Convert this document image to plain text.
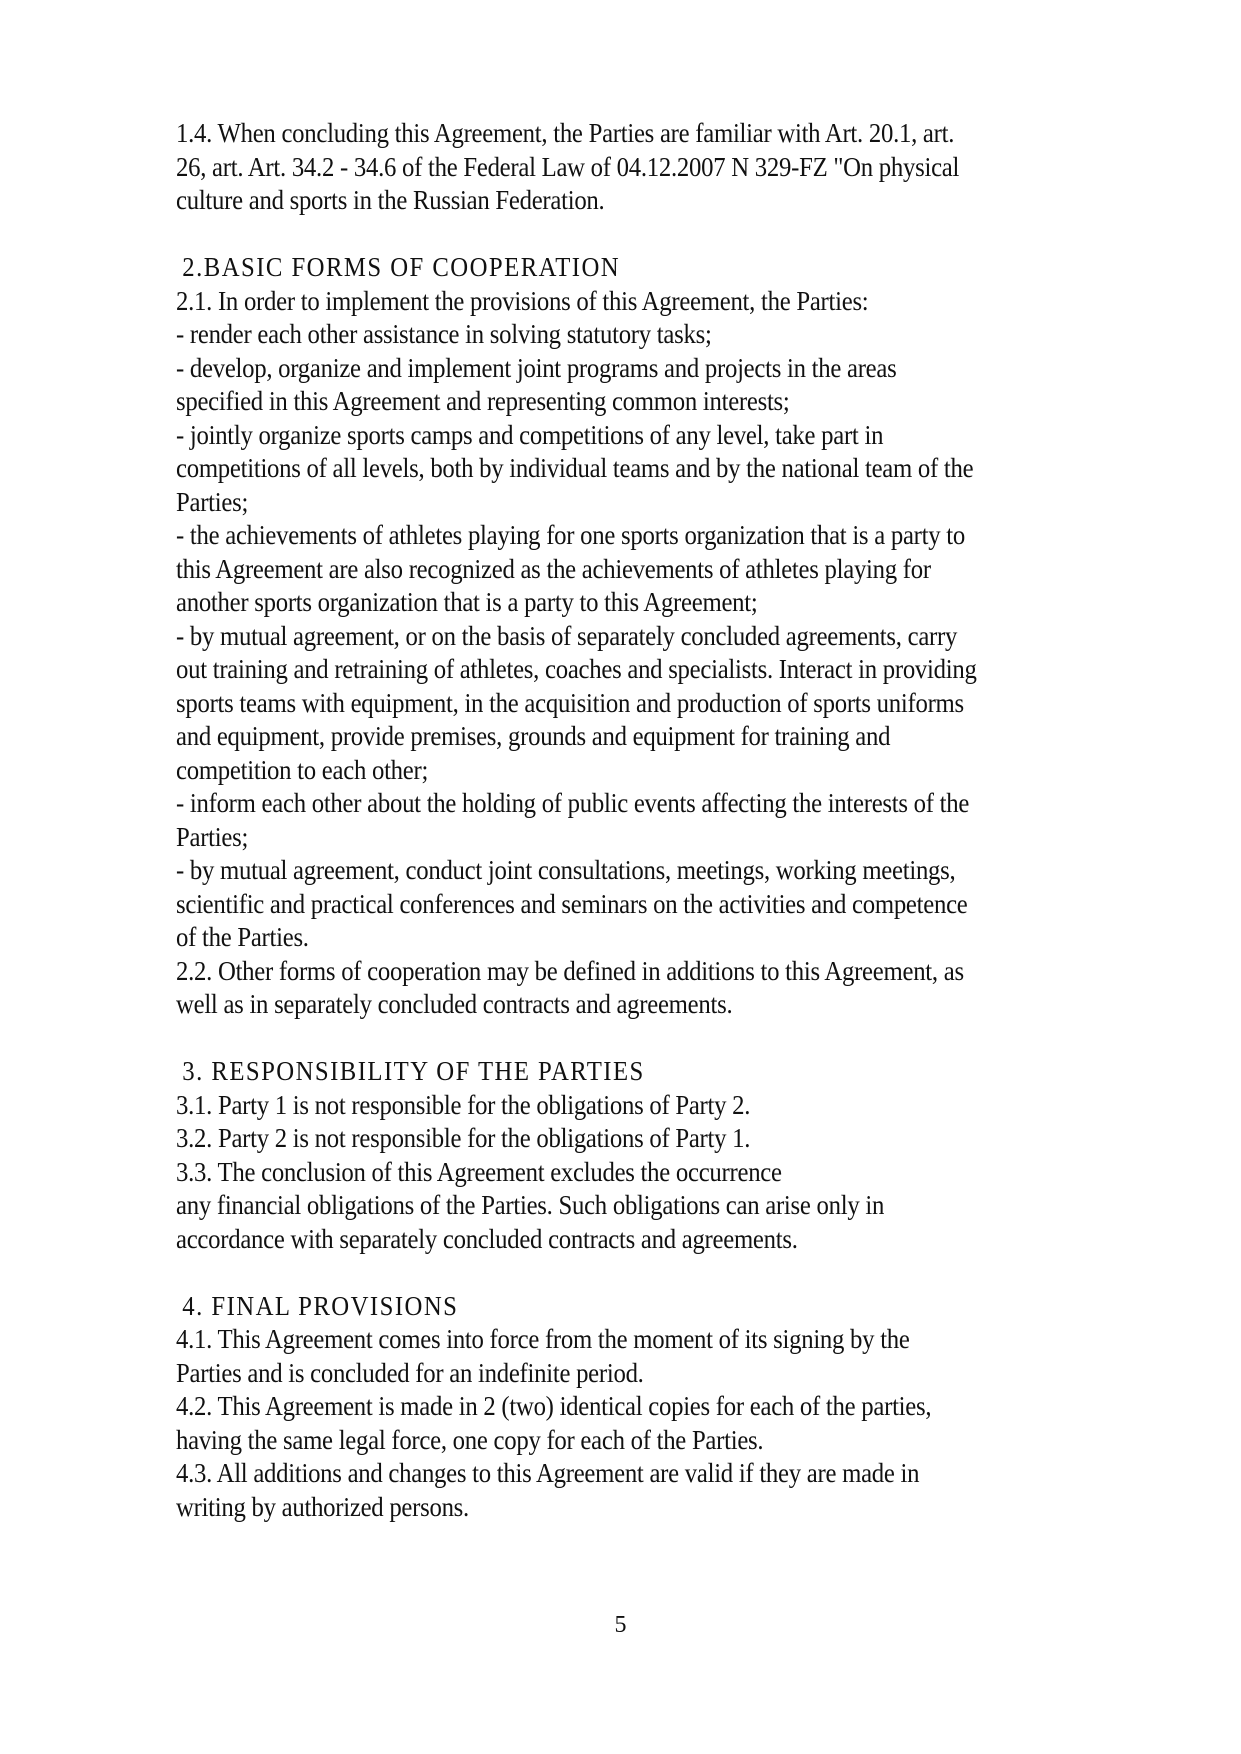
1.4. When concluding this Agreement, the Parties are familiar with Art. 20.1, art.
26, art. Art. 34.2 - 34.6 of the Federal Law of 04.12.2007 N 329-FZ "On physical
culture and sports in the Russian Federation.
2.BASIC FORMS OF COOPERATION
2.1. In order to implement the provisions of this Agreement, the Parties:
- render each other assistance in solving statutory tasks;
- develop, organize and implement joint programs and projects in the areas
specified in this Agreement and representing common interests;
- jointly organize sports camps and competitions of any level, take part in
competitions of all levels, both by individual teams and by the national team of the
Parties;
- the achievements of athletes playing for one sports organization that is a party to
this Agreement are also recognized as the achievements of athletes playing for
another sports organization that is a party to this Agreement;
- by mutual agreement, or on the basis of separately concluded agreements, carry
out training and retraining of athletes, coaches and specialists. Interact in providing
sports teams with equipment, in the acquisition and production of sports uniforms
and equipment, provide premises, grounds and equipment for training and
competition to each other;
- inform each other about the holding of public events affecting the interests of the
Parties;
- by mutual agreement, conduct joint consultations, meetings, working meetings,
scientific and practical conferences and seminars on the activities and competence
of the Parties.
2.2. Other forms of cooperation may be defined in additions to this Agreement, as
well as in separately concluded contracts and agreements.
3. RESPONSIBILITY OF THE PARTIES
3.1. Party 1 is not responsible for the obligations of Party 2.
3.2. Party 2 is not responsible for the obligations of Party 1.
3.3. The conclusion of this Agreement excludes the occurrence
any financial obligations of the Parties. Such obligations can arise only in
accordance with separately concluded contracts and agreements.
4. FINAL PROVISIONS
4.1. This Agreement comes into force from the moment of its signing by the
Parties and is concluded for an indefinite period.
4.2. This Agreement is made in 2 (two) identical copies for each of the parties,
having the same legal force, one copy for each of the Parties.
4.3. All additions and changes to this Agreement are valid if they are made in
writing by authorized persons.
5
